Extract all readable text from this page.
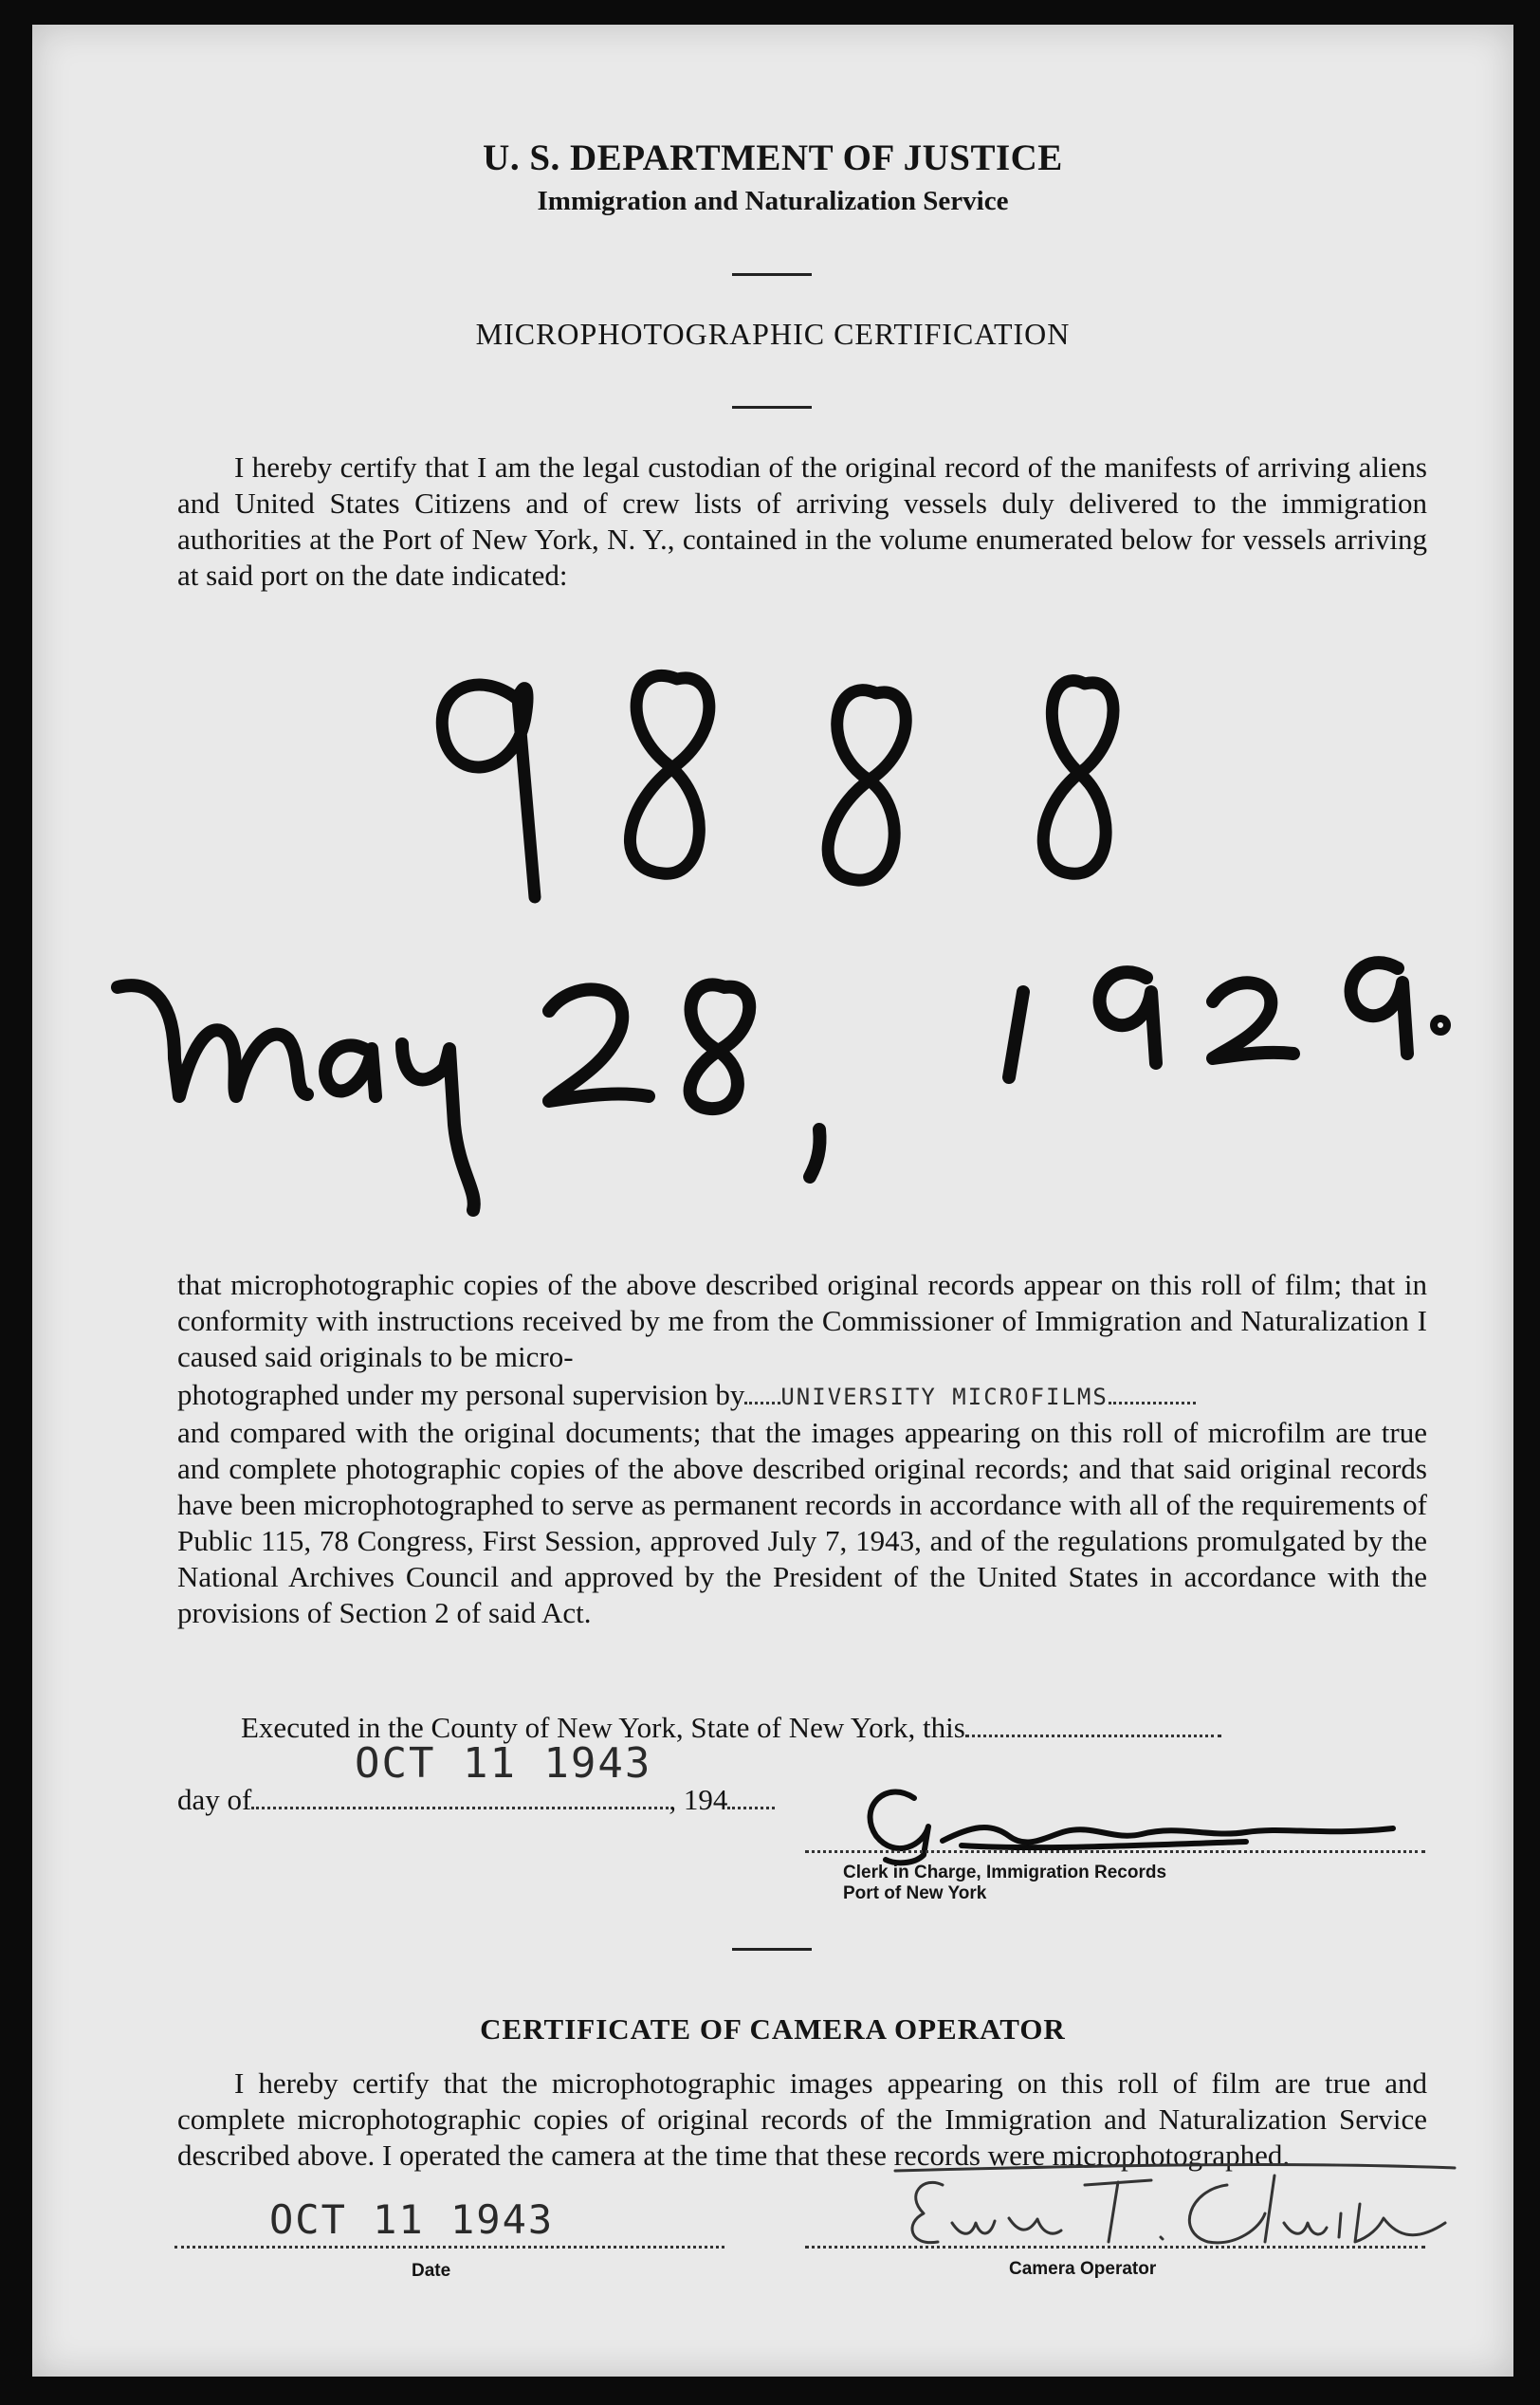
U. S. DEPARTMENT OF JUSTICE
Immigration and Naturalization Service
MICROPHOTOGRAPHIC CERTIFICATION
I hereby certify that I am the legal custodian of the original record of the manifests of arriving aliens and United States Citizens and of crew lists of arriving vessels duly delivered to the immigration authorities at the Port of New York, N. Y., contained in the volume enumerated below for vessels arriving at said port on the date indicated:
that microphotographic copies of the above described original records appear on this roll of film; that in conformity with instructions received by me from the Commissioner of Immigration and Naturalization I caused said originals to be micro-
photographed under my personal supervision by UNIVERSITY MICROFILMS
and compared with the original documents; that the images appearing on this roll of microfilm are true and complete photographic copies of the above described original records; and that said original records have been microphotographed to serve as permanent records in accordance with all of the requirements of Public 115, 78 Congress, First Session, approved July 7, 1943, and of the regulations promulgated by the National Archives Council and approved by the President of the United States in accordance with the provisions of Section 2 of said Act.
Executed in the County of New York, State of New York, this
OCT 11 1943
day of	, 194
Clerk in Charge, Immigration Records
Port of New York
CERTIFICATE OF CAMERA OPERATOR
I hereby certify that the microphotographic images appearing on this roll of film are true and complete microphotographic copies of original records of the Immigration and Naturalization Service described above. I operated the camera at the time that these records were microphotographed.
OCT 11 1943
Date	Camera Operator
